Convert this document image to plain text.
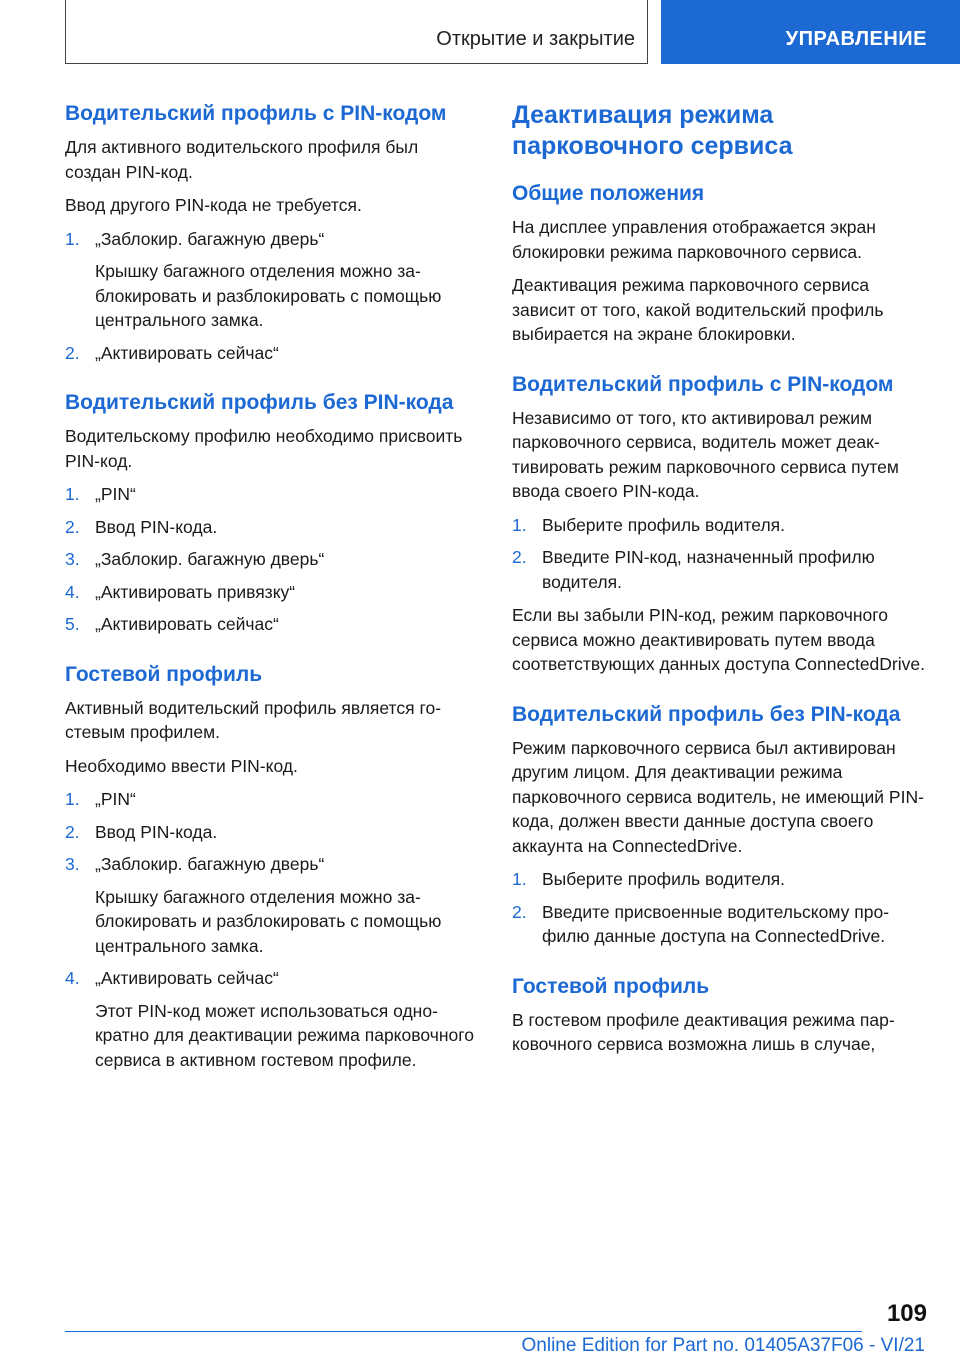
Открытие и закрытие	УПРАВЛЕНИЕ
Водительский профиль с PIN-кодом

Для активного водительского профиля был создан PIN-код.

Ввод другого PIN-кода не требуется.

1. „Заблокир. багажную дверь“
Крышку багажного отделения можно заблокировать и разблокировать с помощью центрального замка.
2. „Активировать сейчас“
Водительский профиль без PIN-кода

Водительскому профилю необходимо присвоить PIN-код.

1. „PIN“
2. Ввод PIN-кода.
3. „Заблокир. багажную дверь“
4. „Активировать привязку“
5. „Активировать сейчас“
Гостевой профиль

Активный водительский профиль является гостевым профилем.

Необходимо ввести PIN-код.

1. „PIN“
2. Ввод PIN-кода.
3. „Заблокир. багажную дверь“
Крышку багажного отделения можно заблокировать и разблокировать с помощью центрального замка.
4. „Активировать сейчас“
Этот PIN-код может использоваться однократно для деактивации режима парковочного сервиса в активном гостевом профиле.
Деактивация режима парковочного сервиса
Общие положения

На дисплее управления отображается экран блокировки режима парковочного сервиса.

Деактивация режима парковочного сервиса зависит от того, какой водительский профиль выбирается на экране блокировки.

Водительский профиль с PIN-кодом

Независимо от того, кто активировал режим парковочного сервиса, водитель может деактивировать режим парковочного сервиса путем ввода своего PIN-кода.

1. Выберите профиль водителя.
2. Введите PIN-код, назначенный профилю водителя.

Если вы забыли PIN-код, режим парковочного сервиса можно деактивировать путем ввода соответствующих данных доступа ConnectedDrive.

Водительский профиль без PIN-кода

Режим парковочного сервиса был активирован другим лицом. Для деактивации режима парковочного сервиса водитель, не имеющий PIN-кода, должен ввести данные доступа своего аккаунта на ConnectedDrive.

1. Выберите профиль водителя.
2. Введите присвоенные водительскому профилю данные доступа на ConnectedDrive.
Гостевой профиль

В гостевом профиле деактивация режима парковочного сервиса возможна лишь в случае,

109
Online Edition for Part no. 01405A37F06 - VI/21
